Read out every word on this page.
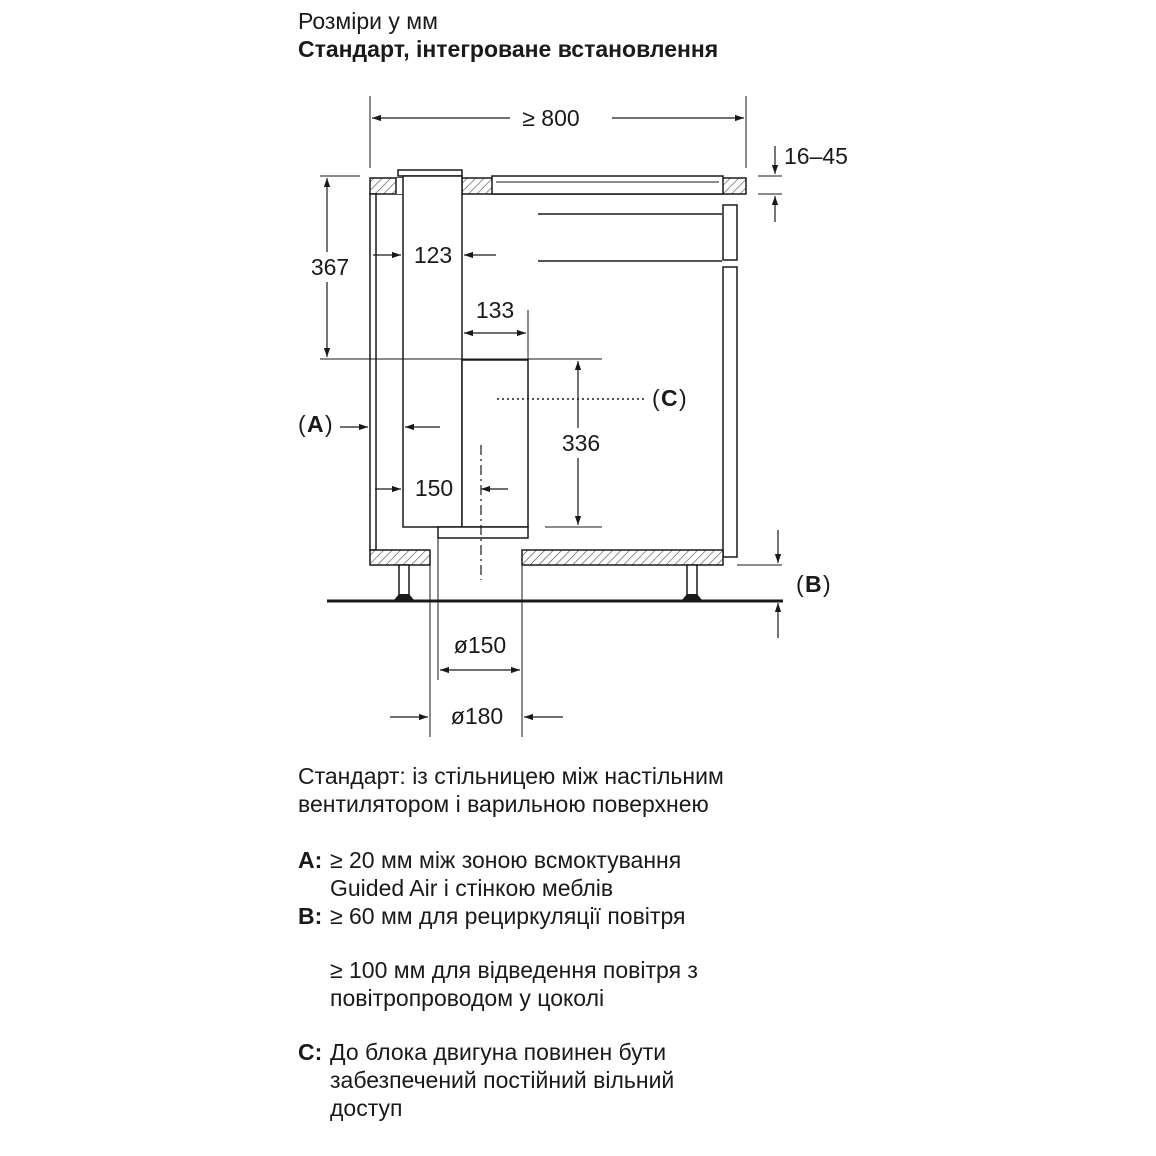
Розміри у мм
Стандарт, інтегроване встановлення
≥ 800
16–45
367	123
133
336
( C )
( A )
150
( B )
ø150
ø180
Стандарт: із стільницею між настільним
вентилятором і варильною поверхнею
A: ≥ 20 мм між зоною всмоктування
Guided Air і стінкою меблів
B: ≥ 60 мм для рециркуляції повітря
≥ 100 мм для відведення повітря з
повітропроводом у цоколі
C: До блока двигуна повинен бути
забезпечений постійний вільний
доступ
